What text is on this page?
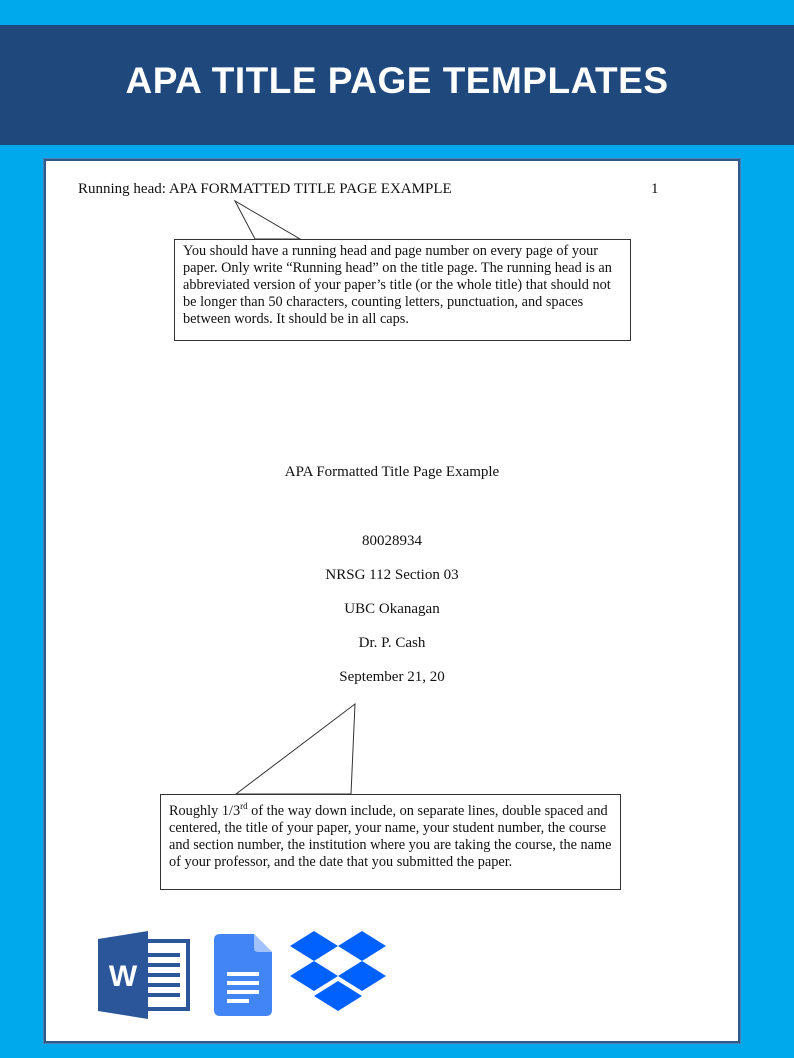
APA TITLE PAGE TEMPLATES
Running head: APA FORMATTED TITLE PAGE EXAMPLE	1

You should have a running head and page number on every page of your paper. Only write “Running head” on the title page. The running head is an abbreviated version of your paper’s title (or the whole title) that should not be longer than 50 characters, counting letters, punctuation, and spaces between words. It should be in all caps.

APA Formatted Title Page Example
80028934
NRSG 112 Section 03
UBC Okanagan
Dr. P. Cash
September 21, 20

Roughly 1/3rd of the way down include, on separate lines, double spaced and centered, the title of your paper, your name, your student number, the course and section number, the institution where you are taking the course, the name of your professor, and the date that you submitted the paper.

W
